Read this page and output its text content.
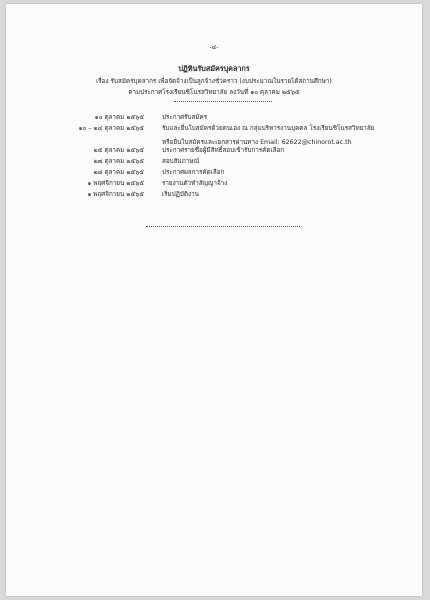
-๔-
ปฏิทินรับสมัครบุคลากร
เรื่อง รับสมัครบุคลากร เพื่อจัดจ้างเป็นลูกจ้างชั่วคราว (งบประมาณในรายได้สถานศึกษา)
ตามประกาศโรงเรียนชิโนรสวิทยาลัย ลงวันที่ ๑๐ ตุลาคม ๒๕๖๕
๑๐ ตุลาคม ๒๕๖๕	ประกาศรับสมัคร
๑๐ – ๒๔ ตุลาคม ๒๕๖๕	รับและยื่นใบสมัครด้วยตนเอง ณ กลุ่มบริหารงานบุคคล โรงเรียนชิโนรสวิทยาลัย
หรือยื่นใบสมัครและเอกสารผ่านทาง Email: 62622@chinorot.ac.th
๒๕ ตุลาคม ๒๕๖๕	ประกาศรายชื่อผู้มีสิทธิ์สอบเข้ารับการคัดเลือก
๒๗ ตุลาคม ๒๕๖๕	สอบสัมภาษณ์
๒๘ ตุลาคม ๒๕๖๕	ประกาศผลการคัดเลือก
๑ พฤศจิกายน ๒๕๖๕	รายงานตัวทำสัญญาจ้าง
๑ พฤศจิกายน ๒๕๖๕	เริ่มปฏิบัติงาน
